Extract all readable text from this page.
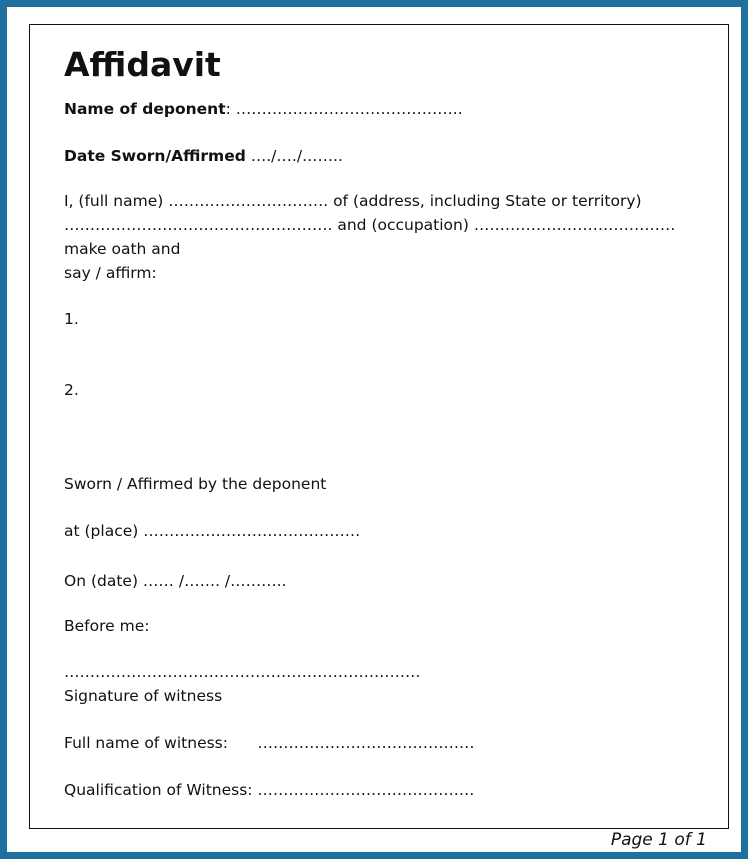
Affidavit
Name of deponent: ……………………………………..
Date Sworn/Affirmed …./…./……..
I, (full name) …………………………. of (address, including State or territory)
……………………………………………. and (occupation) …………………………………
make oath and
say / affirm:
1.
2.
Sworn / Affirmed by the deponent
at (place) ……………………………………
On (date) …… /……. /………..
Before me:
……………………………………………………………
Signature of witness
Full name of witness:      ……………………………………
Qualification of Witness: ……………………………………
Page 1 of 1
